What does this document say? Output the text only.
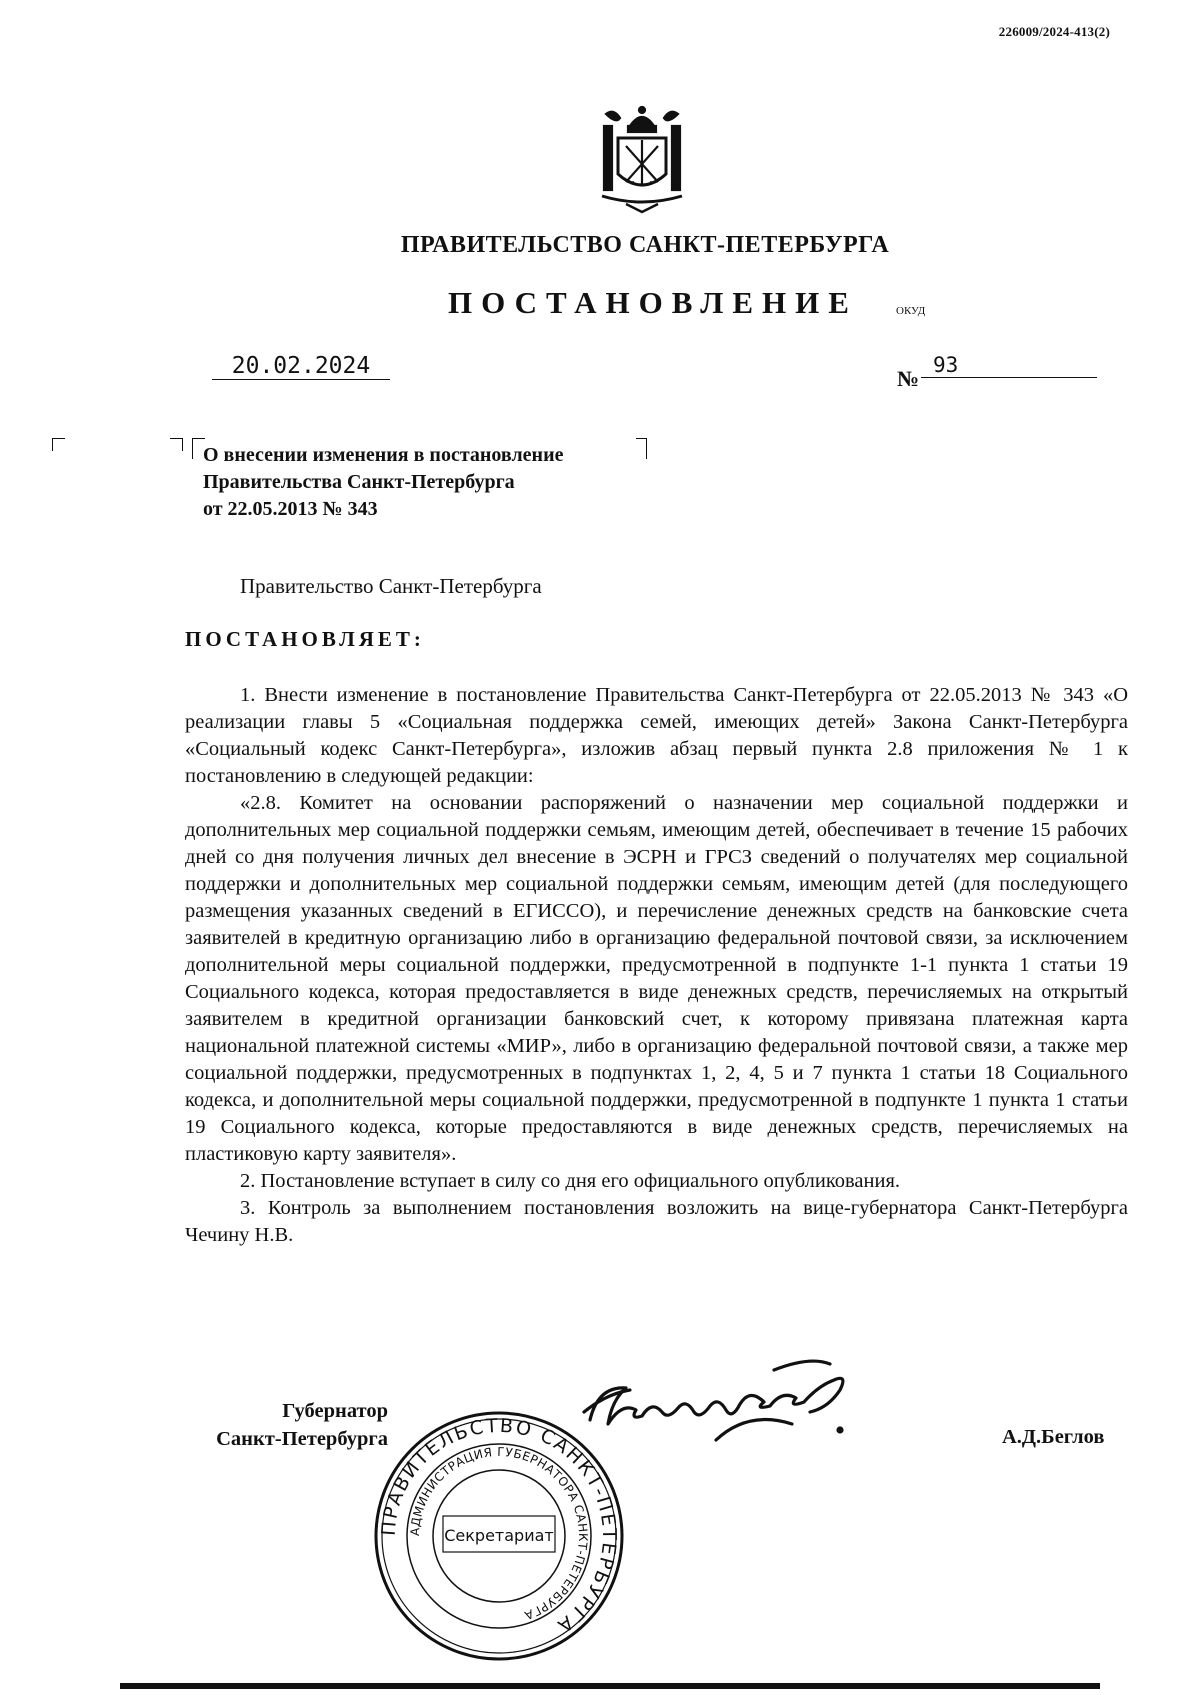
226009/2024-413(2)
ПРАВИТЕЛЬСТВО САНКТ-ПЕТЕРБУРГА
ПОСТАНОВЛЕНИЕ	ОКУД
20.02.2024	№
93
О внесении изменения в постановление
Правительства Санкт-Петербурга
от 22.05.2013 № 343
Правительство Санкт-Петербурга
ПОСТАНОВЛЯЕТ:

1. Внести изменение в постановление Правительства Санкт-Петербурга от 22.05.2013 № 343 «О реализации главы 5 «Социальная поддержка семей, имеющих детей» Закона Санкт-Петербурга «Социальный кодекс Санкт-Петербурга», изложив абзац первый пункта 2.8 приложения № 1 к постановлению в следующей редакции:

«2.8. Комитет на основании распоряжений о назначении мер социальной поддержки и дополнительных мер социальной поддержки семьям, имеющим детей, обеспечивает в течение 15 рабочих дней со дня получения личных дел внесение в ЭСРН и ГРСЗ сведений о получателях мер социальной поддержки и дополнительных мер социальной поддержки семьям, имеющим детей (для последующего размещения указанных сведений в ЕГИССО), и перечисление денежных средств на банковские счета заявителей в кредитную организацию либо в организацию федеральной почтовой связи, за исключением дополнительной меры социальной поддержки, предусмотренной в подпункте 1-1 пункта 1 статьи 19 Социального кодекса, которая предоставляется в виде денежных средств, перечисляемых на открытый заявителем в кредитной организации банковский счет, к которому привязана платежная карта национальной платежной системы «МИР», либо в организацию федеральной почтовой связи, а также мер социальной поддержки, предусмотренных в подпунктах 1, 2, 4, 5 и 7 пункта 1 статьи 18 Социального кодекса, и дополнительной меры социальной поддержки, предусмотренной в подпункте 1 пункта 1 статьи 19 Социального кодекса, которые предоставляются в виде денежных средств, перечисляемых на пластиковую карту заявителя».

2. Постановление вступает в силу со дня его официального опубликования.

3. Контроль за выполнением постановления возложить на вице-губернатора Санкт-Петербурга Чечину Н.В.

Губернатор
Санкт-Петербурга
ПРАВИТЕЛЬСТВО САНКТ-ПЕТЕРБУРГА
АДМИНИСТРАЦИЯ ГУБЕРНАТОРА САНКТ-ПЕТЕРБУРГА
Секретариат
А.Д.Беглов
